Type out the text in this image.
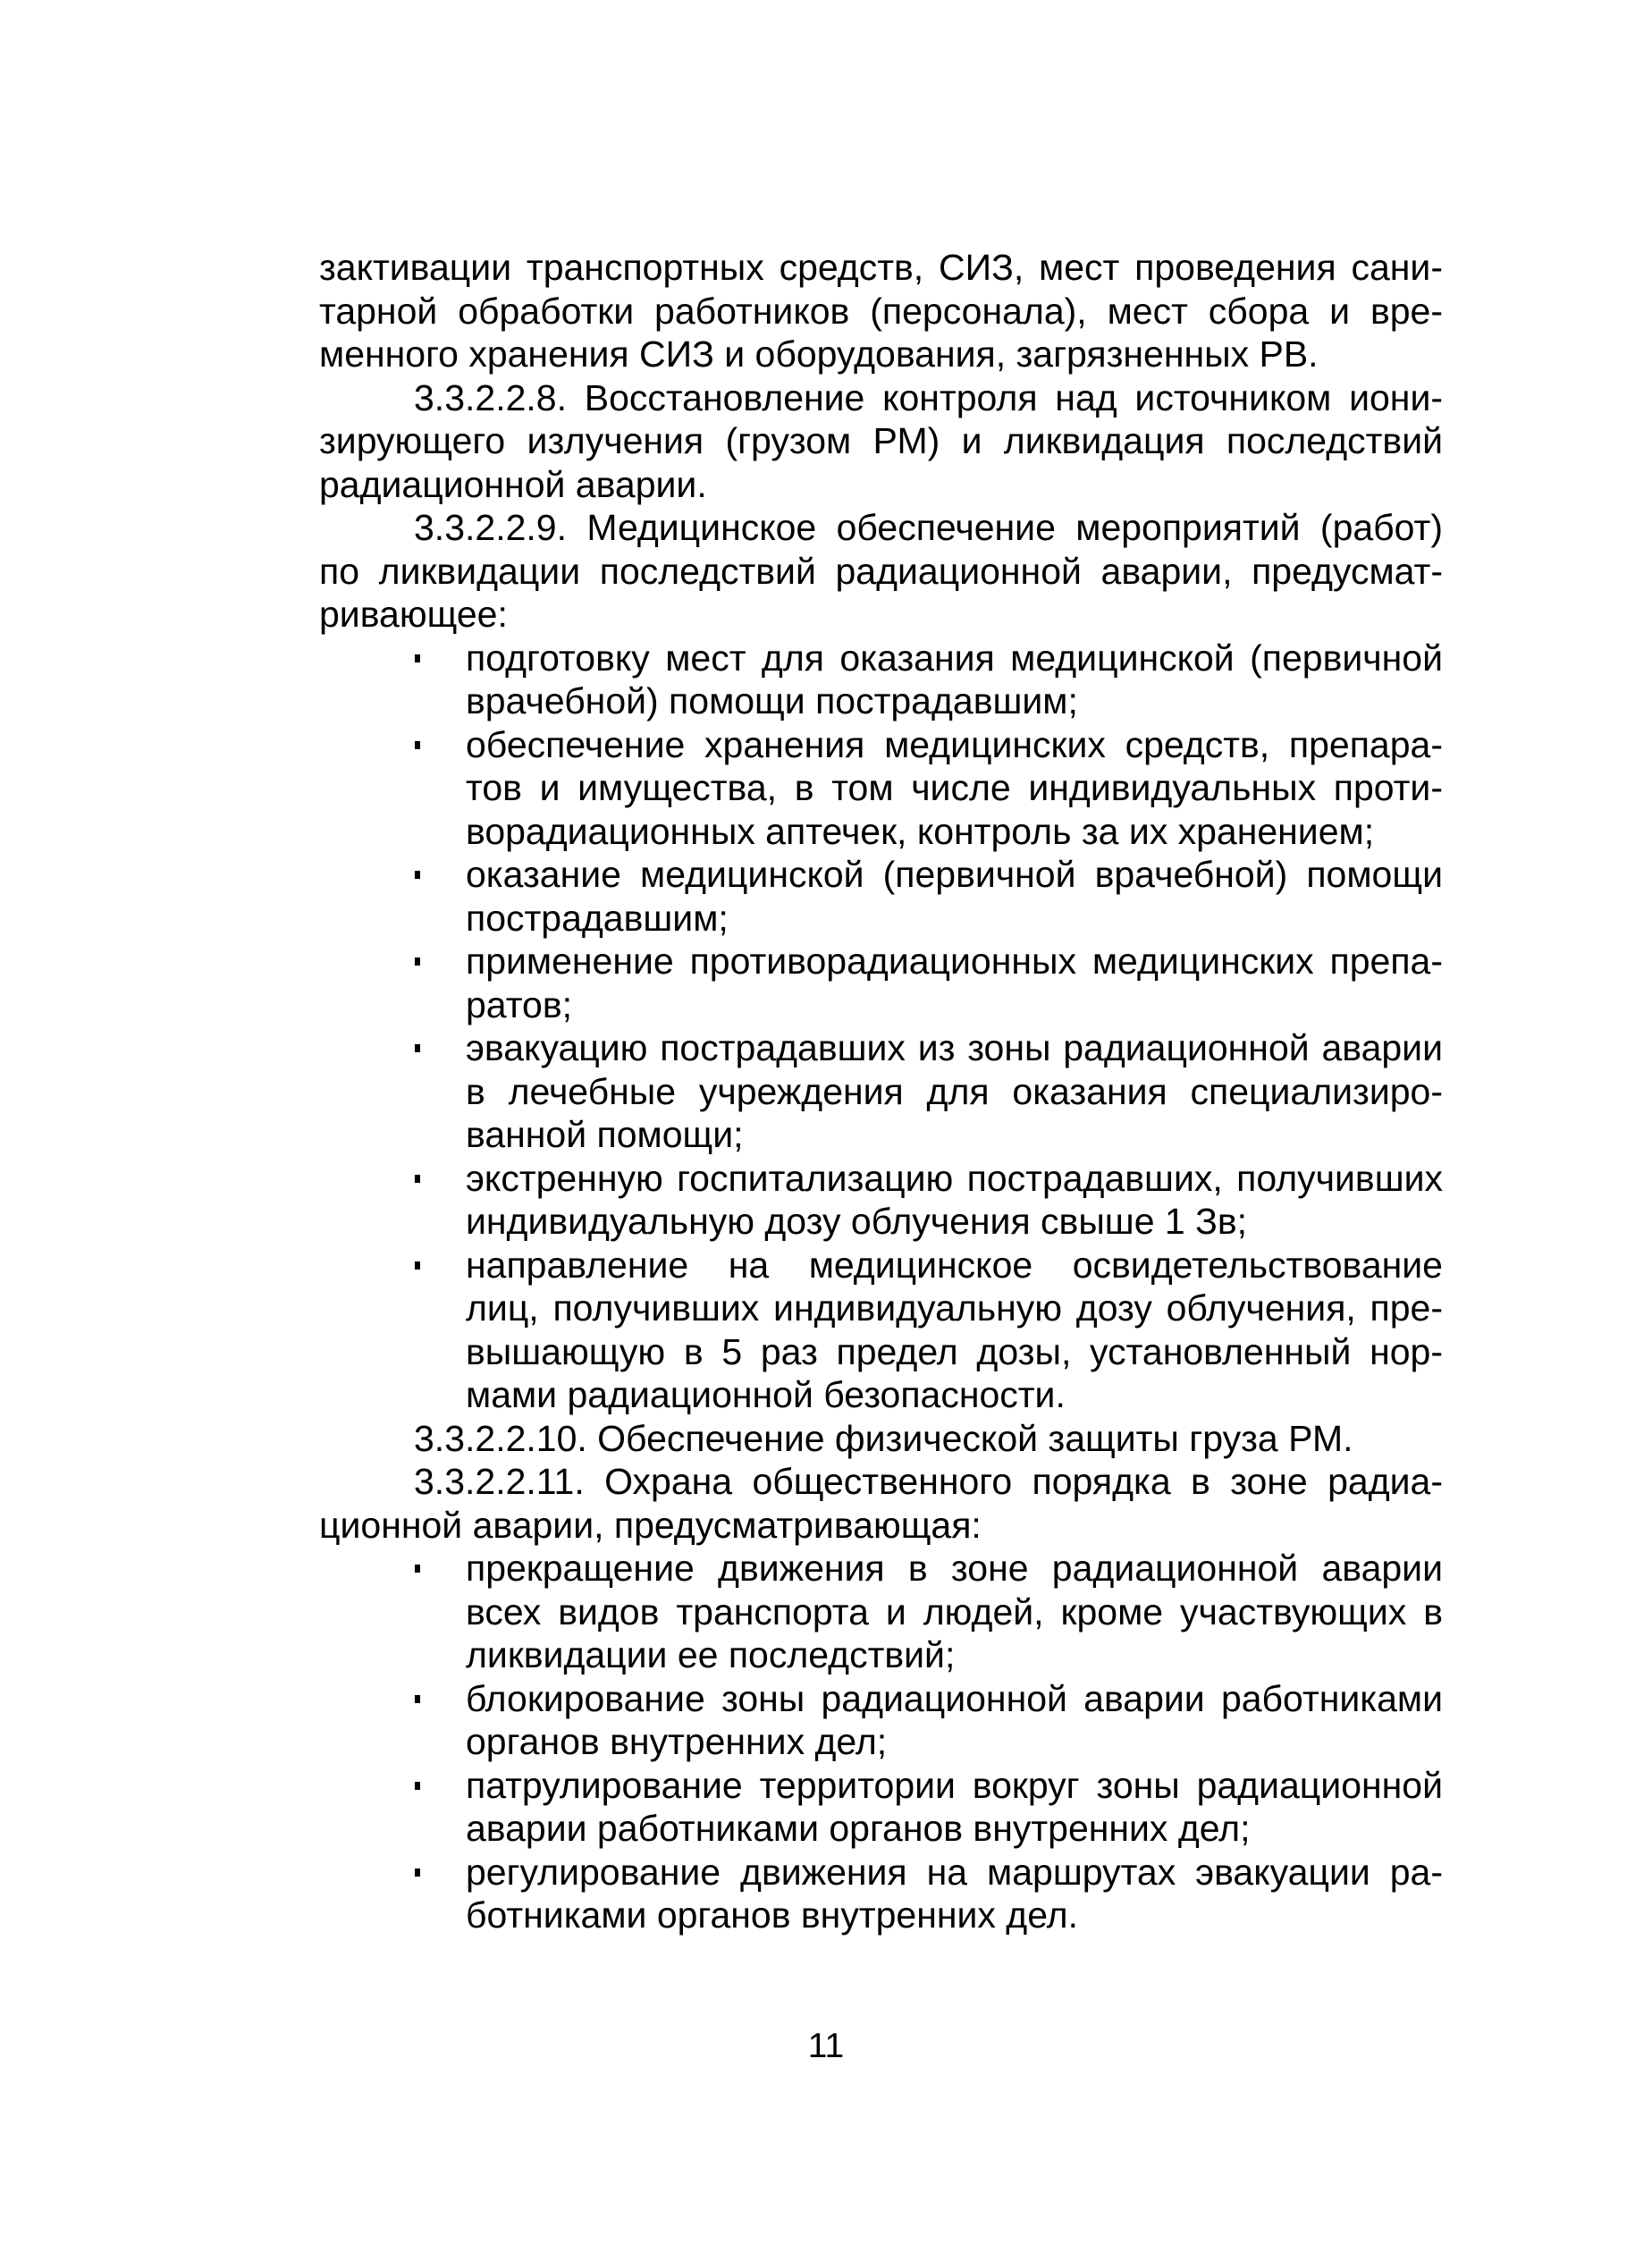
зактивации транспортных средств, СИЗ, мест проведения сани-
тарной обработки работников (персонала), мест сбора и вре-
менного хранения СИЗ и оборудования, загрязненных РВ.
3.3.2.2.8. Восстановление контроля над источником иони-
зирующего излучения (грузом РМ) и ликвидация последствий
радиационной аварии.
3.3.2.2.9. Медицинское обеспечение мероприятий (работ)
по ликвидации последствий радиационной аварии, предусмат-
ривающее:
подготовку мест для оказания медицинской (первичной
врачебной) помощи пострадавшим;
обеспечение хранения медицинских средств, препара-
тов и имущества, в том числе индивидуальных проти-
ворадиационных аптечек, контроль за их хранением;
оказание медицинской (первичной врачебной) помощи
пострадавшим;
применение противорадиационных медицинских препа-
ратов;
эвакуацию пострадавших из зоны радиационной аварии
в лечебные учреждения для оказания специализиро-
ванной помощи;
экстренную госпитализацию пострадавших, получивших
индивидуальную дозу облучения свыше 1 Зв;
направление на медицинское освидетельствование
лиц, получивших индивидуальную дозу облучения, пре-
вышающую в 5 раз предел дозы, установленный нор-
мами радиационной безопасности.
3.3.2.2.10. Обеспечение физической защиты груза РМ.
3.3.2.2.11. Охрана общественного порядка в зоне радиа-
ционной аварии, предусматривающая:
прекращение движения в зоне радиационной аварии
всех видов транспорта и людей, кроме участвующих в
ликвидации ее последствий;
блокирование зоны радиационной аварии работниками
органов внутренних дел;
патрулирование территории вокруг зоны радиационной
аварии работниками органов внутренних дел;
регулирование движения на маршрутах эвакуации ра-
ботниками органов внутренних дел.
11
